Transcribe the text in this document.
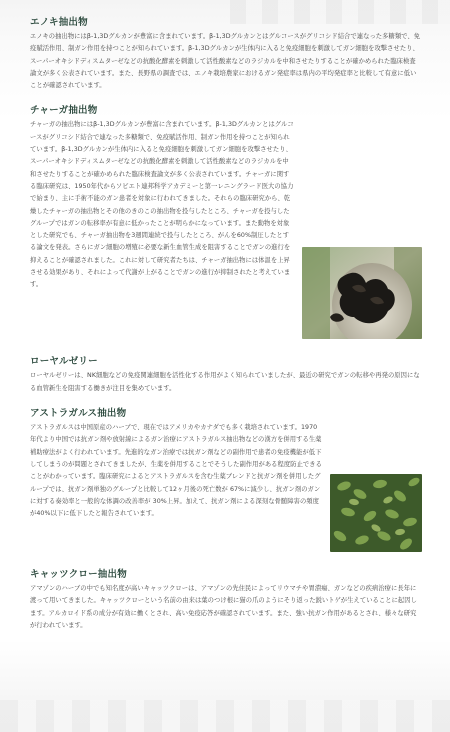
エノキ抽出物

エノキの抽出物にはβ-1,3Dグルカンが豊富に含まれています。β-1,3Dグルカンとはグルコースがグリコシド結合で連なった多糖類で、免疫賦活作用、制ガン作用を持つことが知られています。β-1,3Dグルカンが生体内に入ると免疫細胞を刺激してガン細胞を攻撃させたり、スーパーオキシドディスムターゼなどの抗酸化酵素を刺激して活性酸素などのラジカルを中和させたりすることが確かめられた臨床検査論文が多く公表されています。また、長野県の調査では、エノキ栽培農家におけるガン発症率は県内の平均発症率と比較して有意に低いことが確認されています。

チャーガ抽出物

チャーガの抽出物にはβ-1,3Dグルカンが豊富に含まれています。β-1,3Dグルカンとはグルコースがグリコシド結合で連なった多糖類で、免疫賦活作用、制ガン作用を持つことが知られています。β-1,3Dグルカンが生体内に入ると免疫細胞を刺激してガン細胞を攻撃させたり、スーパーオキシドディスムターゼなどの抗酸化酵素を刺激して活性酸素などのラジカルを中和させたりすることが確かめられた臨床検査論文が多く公表されています。チャーガに関する臨床研究は、1950年代からソビエト連邦科学アカデミーと第一レニングラード医大の協力で始まり、主に手術不能のガン患者を対象に行われてきました。それらの臨床研究から、乾燥したチャーガの抽出物とその他のきのこの抽出物を投与したところ、チャーガを投与したグループではガンの転移率が有意に低かったことが明らかになっています。また動物を対象とした研究でも、チャーガ抽出物を3週間連続で投与したところ、がんを60%制圧したとする論文を発表。さらにガン細胞の増殖に必要な新生血管生成を阻害することでガンの進行を抑えることが確認されました。これに対して研究者たちは、チャーガ抽出物には体温を上昇させる効果があり、それによって代謝が上がることでガンの進行が抑制されたと考えています。

ローヤルゼリー

ローヤルゼリーは、NK細胞などの免疫関連細胞を活性化する作用がよく知られていましたが、最近の研究でガンの転移や再発の原因になる血管新生を阻害する働きが注目を集めています。

アストラガルス抽出物

アストラガルスは中国原産のハーブで、現在ではアメリカやカナダでも多く栽培されています。1970年代より中国では抗ガン剤や放射線によるガン治療にアストラガルス抽出物などの漢方を併用する生薬補助療法がよく行われています。先進的なガン治療では抗ガン剤などの副作用で患者の免疫機能が低下してしまうのが問題とされてきましたが、生薬を併用することでそうした副作用がある程度防止できることがわかっています。臨床研究によるとアストラガルスを含む生薬ブレンドと抗ガン剤を併用したグループでは、抗ガン剤単独のグループと比較して12ヶ月後の死亡数が 67%に減少し、抗ガン剤のガンに対する奏効率と一般的な体調の改善率が 30%上昇。加えて、抗ガン剤による深刻な骨髄障害の頻度が40%以下に低下したと報告されています。

キャッツクロー抽出物

アマゾンのハーブの中でも知名度が高いキャッツクローは、アマゾンの先住民によってリウマチや胃潰瘍、ガンなどの疾病治療に長年に渡って用いてきました。キャッツクローという名前の由来は葉のつけ根に猫の爪のようにそり返った鋭いトゲが生えていることに起因します。アルカロイド系の成分が有効に働くとされ、高い免疫応答が確認されています。また、強い抗ガン作用があるとされ、様々な研究が行われています。
